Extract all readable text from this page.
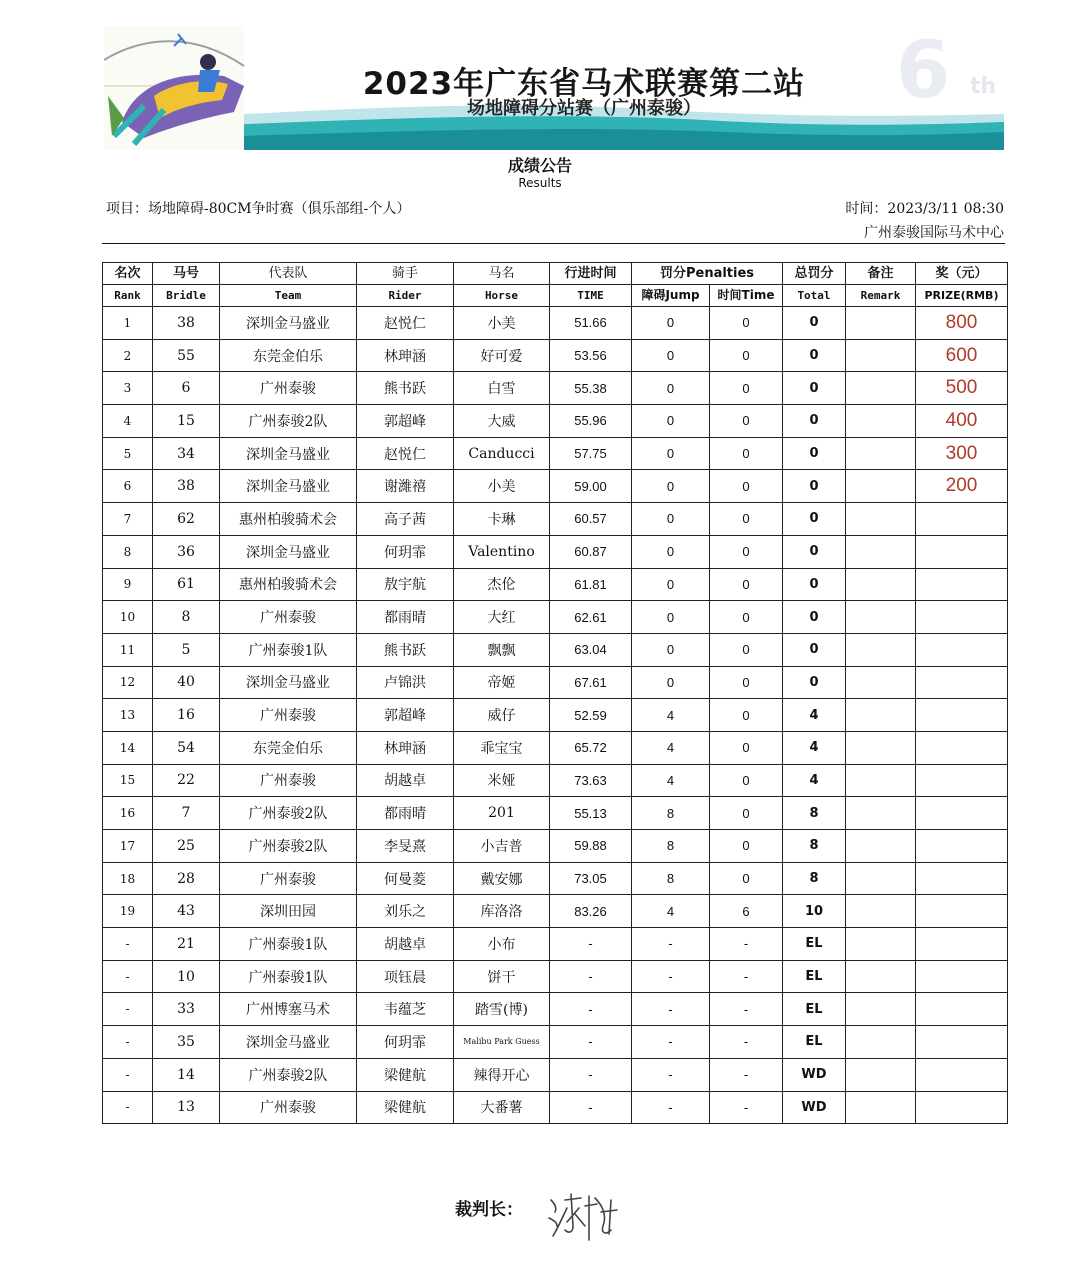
2023年广东省马术联赛第二站
场地障碍分站赛（广州泰骏）	6 th
成绩公告
Results
项目：场地障碍-80CM争时赛（俱乐部组-个人）	时间：2023/3/11 08:30
广州泰骏国际马术中心
名次	马号	代表队	骑手	马名	行进时间	罚分Penalties		总罚分	备注	奖（元）
Rank	Bridle	Team	Rider	Horse	TIME	障碍Jump	时间Time	Total	Remark	PRIZE(RMB)
1	38	深圳金马盛业	赵悦仁	小美	51.66	0	0	0		800
2	55	东莞金伯乐	林珅涵	好可爱	53.56	0	0	0		600
3	6	广州泰骏	熊书跃	白雪	55.38	0	0	0		500
4	15	广州泰骏2队	郭超峰	大威	55.96	0	0	0		400
5	34	深圳金马盛业	赵悦仁	Canducci	57.75	0	0	0		300
6	38	深圳金马盛业	谢濰禧	小美	59.00	0	0	0		200
7	62	惠州柏骏骑术会	高子茜	卡琳	60.57	0	0	0		
8	36	深圳金马盛业	何玥霏	Valentino	60.87	0	0	0		
9	61	惠州柏骏骑术会	敖宇航	杰伦	61.81	0	0	0		
10	8	广州泰骏	都雨晴	大红	62.61	0	0	0		
11	5	广州泰骏1队	熊书跃	飘飘	63.04	0	0	0		
12	40	深圳金马盛业	卢锦洪	帝姬	67.61	0	0	0		
13	16	广州泰骏	郭超峰	威仔	52.59	4	0	4		
14	54	东莞金伯乐	林珅涵	乖宝宝	65.72	4	0	4		
15	22	广州泰骏	胡越卓	米娅	73.63	4	0	4		
16	7	广州泰骏2队	都雨晴	201	55.13	8	0	8		
17	25	广州泰骏2队	李旻熹	小吉普	59.88	8	0	8		
18	28	广州泰骏	何曼菱	戴安娜	73.05	8	0	8		
19	43	深圳田园	刘乐之	库洛洛	83.26	4	6	10		
-	21	广州泰骏1队	胡越卓	小布	-	-	-	EL		
-	10	广州泰骏1队	项钰晨	饼干	-	-	-	EL		
-	33	广州博塞马术	韦蕴芝	踏雪(博)	-	-	-	EL		
-	35	深圳金马盛业	何玥霏	Malibu Park Guess	-	-	-	EL		
-	14	广州泰骏2队	梁健航	辣得开心	-	-	-	WD		
-	13	广州泰骏	梁健航	大番薯	-	-	-	WD		
裁判长：
